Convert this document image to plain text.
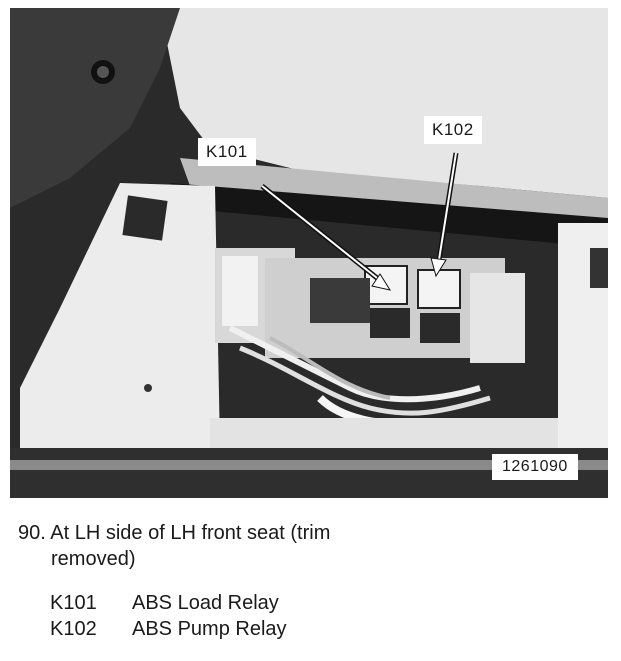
K101
K102
1261090
90. At LH side of LH front seat (trim
removed)
K101	ABS Load Relay
K102	ABS Pump Relay
